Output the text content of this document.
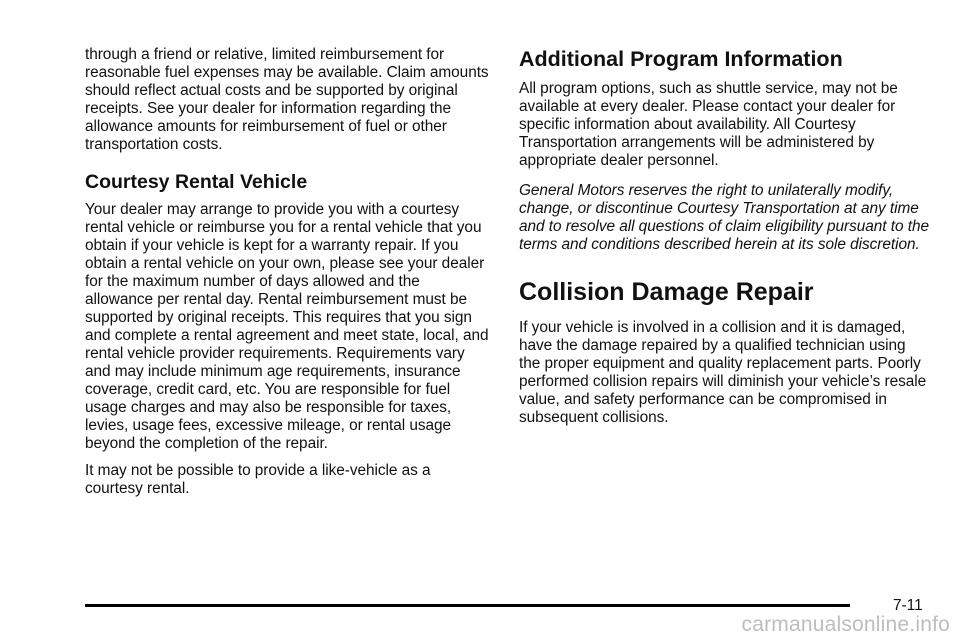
through a friend or relative, limited reimbursement for reasonable fuel expenses may be available. Claim amounts should reflect actual costs and be supported by original receipts. See your dealer for information regarding the allowance amounts for reimbursement of fuel or other transportation costs.

Courtesy Rental Vehicle

Your dealer may arrange to provide you with a courtesy rental vehicle or reimburse you for a rental vehicle that you obtain if your vehicle is kept for a warranty repair. If you obtain a rental vehicle on your own, please see your dealer for the maximum number of days allowed and the allowance per rental day. Rental reimbursement must be supported by original receipts. This requires that you sign and complete a rental agreement and meet state, local, and rental vehicle provider requirements. Requirements vary and may include minimum age requirements, insurance coverage, credit card, etc. You are responsible for fuel usage charges and may also be responsible for taxes, levies, usage fees, excessive mileage, or rental usage beyond the completion of the repair.

It may not be possible to provide a like-vehicle as a courtesy rental.

Additional Program Information

All program options, such as shuttle service, may not be available at every dealer. Please contact your dealer for specific information about availability. All Courtesy Transportation arrangements will be administered by appropriate dealer personnel.

General Motors reserves the right to unilaterally modify, change, or discontinue Courtesy Transportation at any time and to resolve all questions of claim eligibility pursuant to the terms and conditions described herein at its sole discretion.

Collision Damage Repair

If your vehicle is involved in a collision and it is damaged, have the damage repaired by a qualified technician using the proper equipment and quality replacement parts. Poorly performed collision repairs will diminish your vehicle’s resale value, and safety performance can be compromised in subsequent collisions.

7-11
carmanualsonline.info
